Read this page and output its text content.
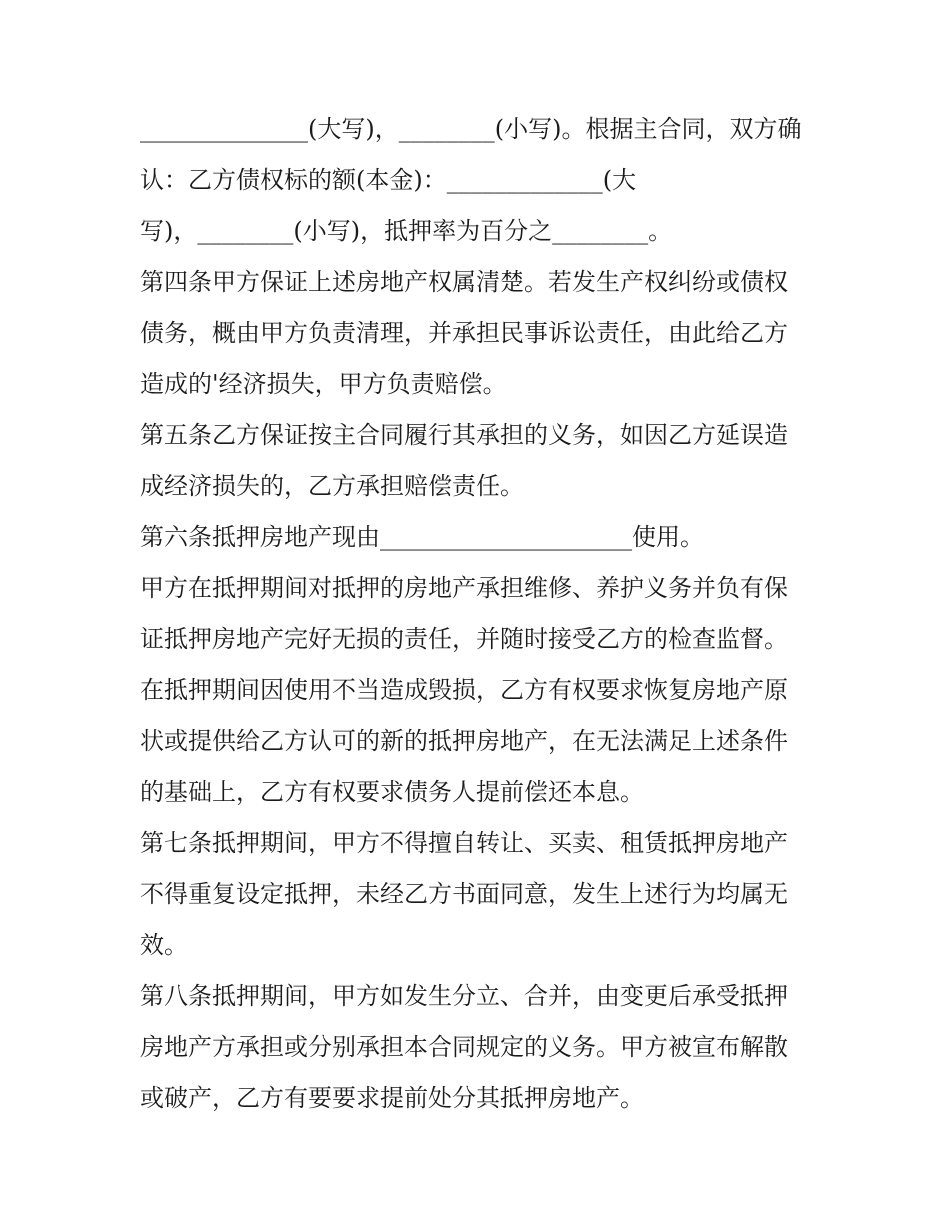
______________(大写)，________(小写)。根据主合同，双方确
认：乙方债权标的额(本金)：_____________(大
写)，________(小写)，抵押率为百分之________。
第四条甲方保证上述房地产权属清楚。若发生产权纠纷或债权
债务，概由甲方负责清理，并承担民事诉讼责任，由此给乙方
造成的'经济损失，甲方负责赔偿。
第五条乙方保证按主合同履行其承担的义务，如因乙方延误造
成经济损失的，乙方承担赔偿责任。
第六条抵押房地产现由_____________________使用。
甲方在抵押期间对抵押的房地产承担维修、养护义务并负有保
证抵押房地产完好无损的责任，并随时接受乙方的检查监督。
在抵押期间因使用不当造成毁损，乙方有权要求恢复房地产原
状或提供给乙方认可的新的抵押房地产，在无法满足上述条件
的基础上，乙方有权要求债务人提前偿还本息。
第七条抵押期间，甲方不得擅自转让、买卖、租赁抵押房地产
不得重复设定抵押，未经乙方书面同意，发生上述行为均属无
效。
第八条抵押期间，甲方如发生分立、合并，由变更后承受抵押
房地产方承担或分别承担本合同规定的义务。甲方被宣布解散
或破产，乙方有要要求提前处分其抵押房地产。
